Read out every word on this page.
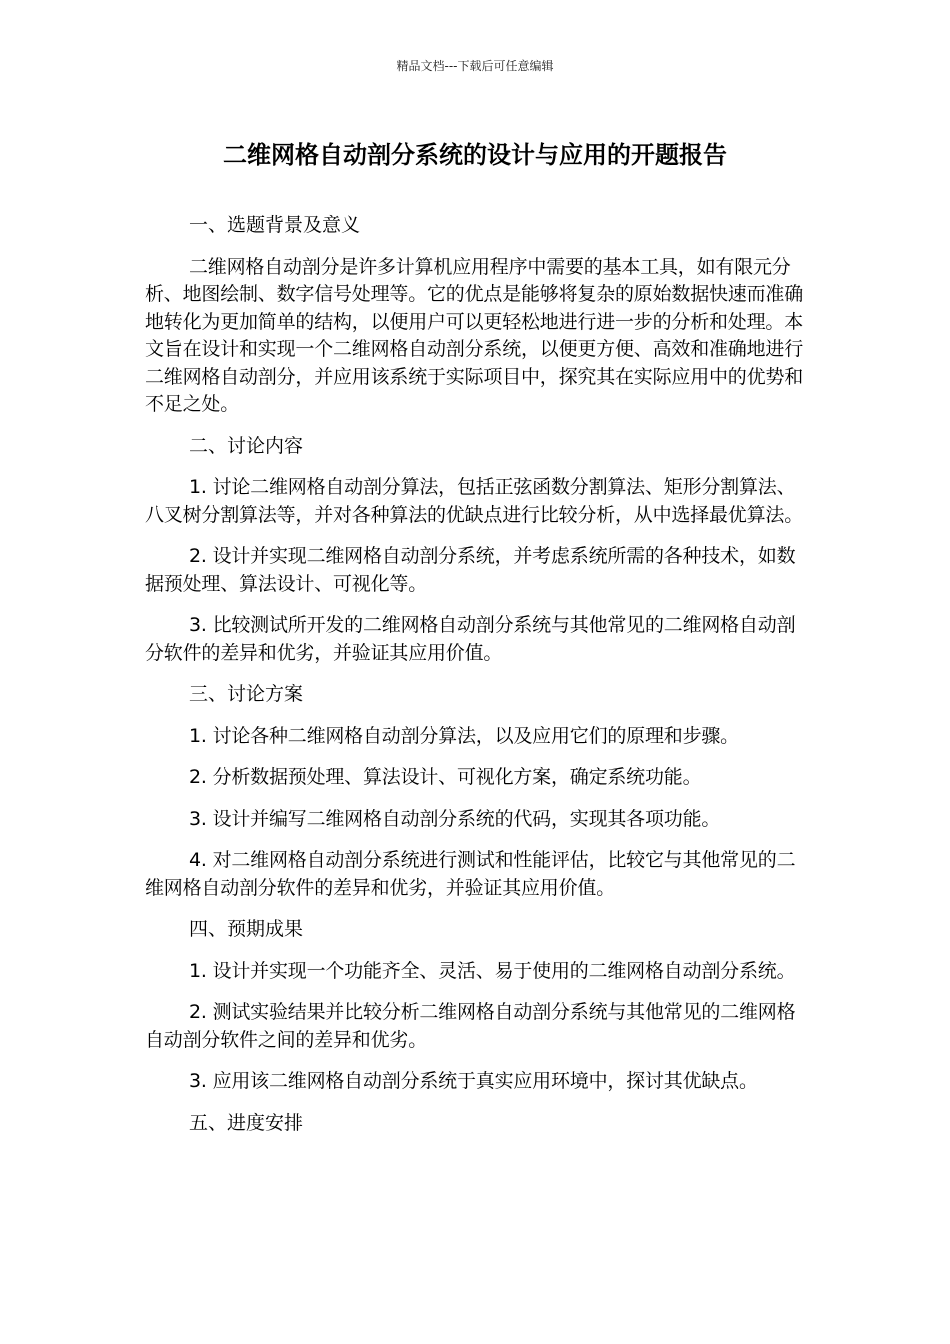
精品文档---下载后可任意编辑
二维网格自动剖分系统的设计与应用的开题报告

一、选题背景及意义

二维网格自动剖分是许多计算机应用程序中需要的基本工具，如有限元分析、地图绘制、数字信号处理等。它的优点是能够将复杂的原始数据快速而准确地转化为更加简单的结构，以便用户可以更轻松地进行进一步的分析和处理。本文旨在设计和实现一个二维网格自动剖分系统，以便更方便、高效和准确地进行二维网格自动剖分，并应用该系统于实际项目中，探究其在实际应用中的优势和不足之处。

二、讨论内容

1. 讨论二维网格自动剖分算法，包括正弦函数分割算法、矩形分割算法、八叉树分割算法等，并对各种算法的优缺点进行比较分析，从中选择最优算法。

2. 设计并实现二维网格自动剖分系统，并考虑系统所需的各种技术，如数据预处理、算法设计、可视化等。

3. 比较测试所开发的二维网格自动剖分系统与其他常见的二维网格自动剖分软件的差异和优劣，并验证其应用价值。

三、讨论方案

1. 讨论各种二维网格自动剖分算法，以及应用它们的原理和步骤。

2. 分析数据预处理、算法设计、可视化方案，确定系统功能。

3. 设计并编写二维网格自动剖分系统的代码，实现其各项功能。

4. 对二维网格自动剖分系统进行测试和性能评估，比较它与其他常见的二维网格自动剖分软件的差异和优劣，并验证其应用价值。

四、预期成果

1. 设计并实现一个功能齐全、灵活、易于使用的二维网格自动剖分系统。

2. 测试实验结果并比较分析二维网格自动剖分系统与其他常见的二维网格自动剖分软件之间的差异和优劣。

3. 应用该二维网格自动剖分系统于真实应用环境中，探讨其优缺点。

五、进度安排
